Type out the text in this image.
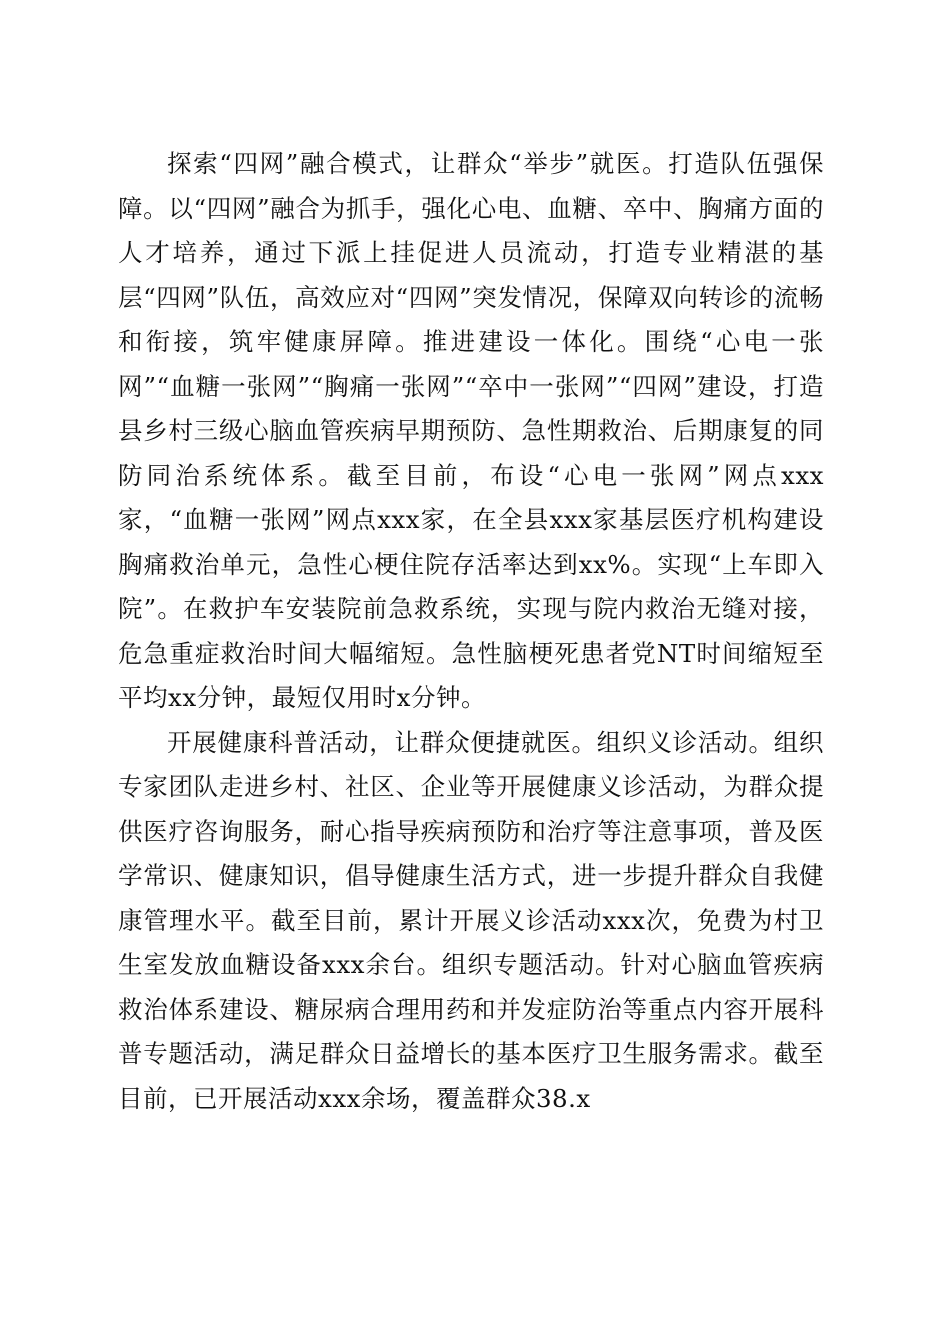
探索“四网”融合模式，让群众“举步”就医。打造队伍强保障。以“四网”融合为抓手，强化心电、血糖、卒中、胸痛方面的人才培养，通过下派上挂促进人员流动，打造专业精湛的基层“四网”队伍，高效应对“四网”突发情况，保障双向转诊的流畅和衔接，筑牢健康屏障。推进建设一体化。围绕“心电一张网”“血糖一张网”“胸痛一张网”“卒中一张网”“四网”建设，打造县乡村三级心脑血管疾病早期预防、急性期救治、后期康复的同防同治系统体系。截至目前，布设“心电一张网”网点xxx家，“血糖一张网”网点xxx家，在全县xxx家基层医疗机构建设胸痛救治单元，急性心梗住院存活率达到xx%。实现“上车即入院”。在救护车安装院前急救系统，实现与院内救治无缝对接，危急重症救治时间大幅缩短。急性脑梗死患者党NT时间缩短至平均xx分钟，最短仅用时x分钟。

开展健康科普活动，让群众便捷就医。组织义诊活动。组织专家团队走进乡村、社区、企业等开展健康义诊活动，为群众提供医疗咨询服务，耐心指导疾病预防和治疗等注意事项，普及医学常识、健康知识，倡导健康生活方式，进一步提升群众自我健康管理水平。截至目前，累计开展义诊活动xxx次，免费为村卫生室发放血糖设备xxx余台。组织专题活动。针对心脑血管疾病救治体系建设、糖尿病合理用药和并发症防治等重点内容开展科普专题活动，满足群众日益增长的基本医疗卫生服务需求。截至目前，已开展活动xxx余场，覆盖群众38.x
